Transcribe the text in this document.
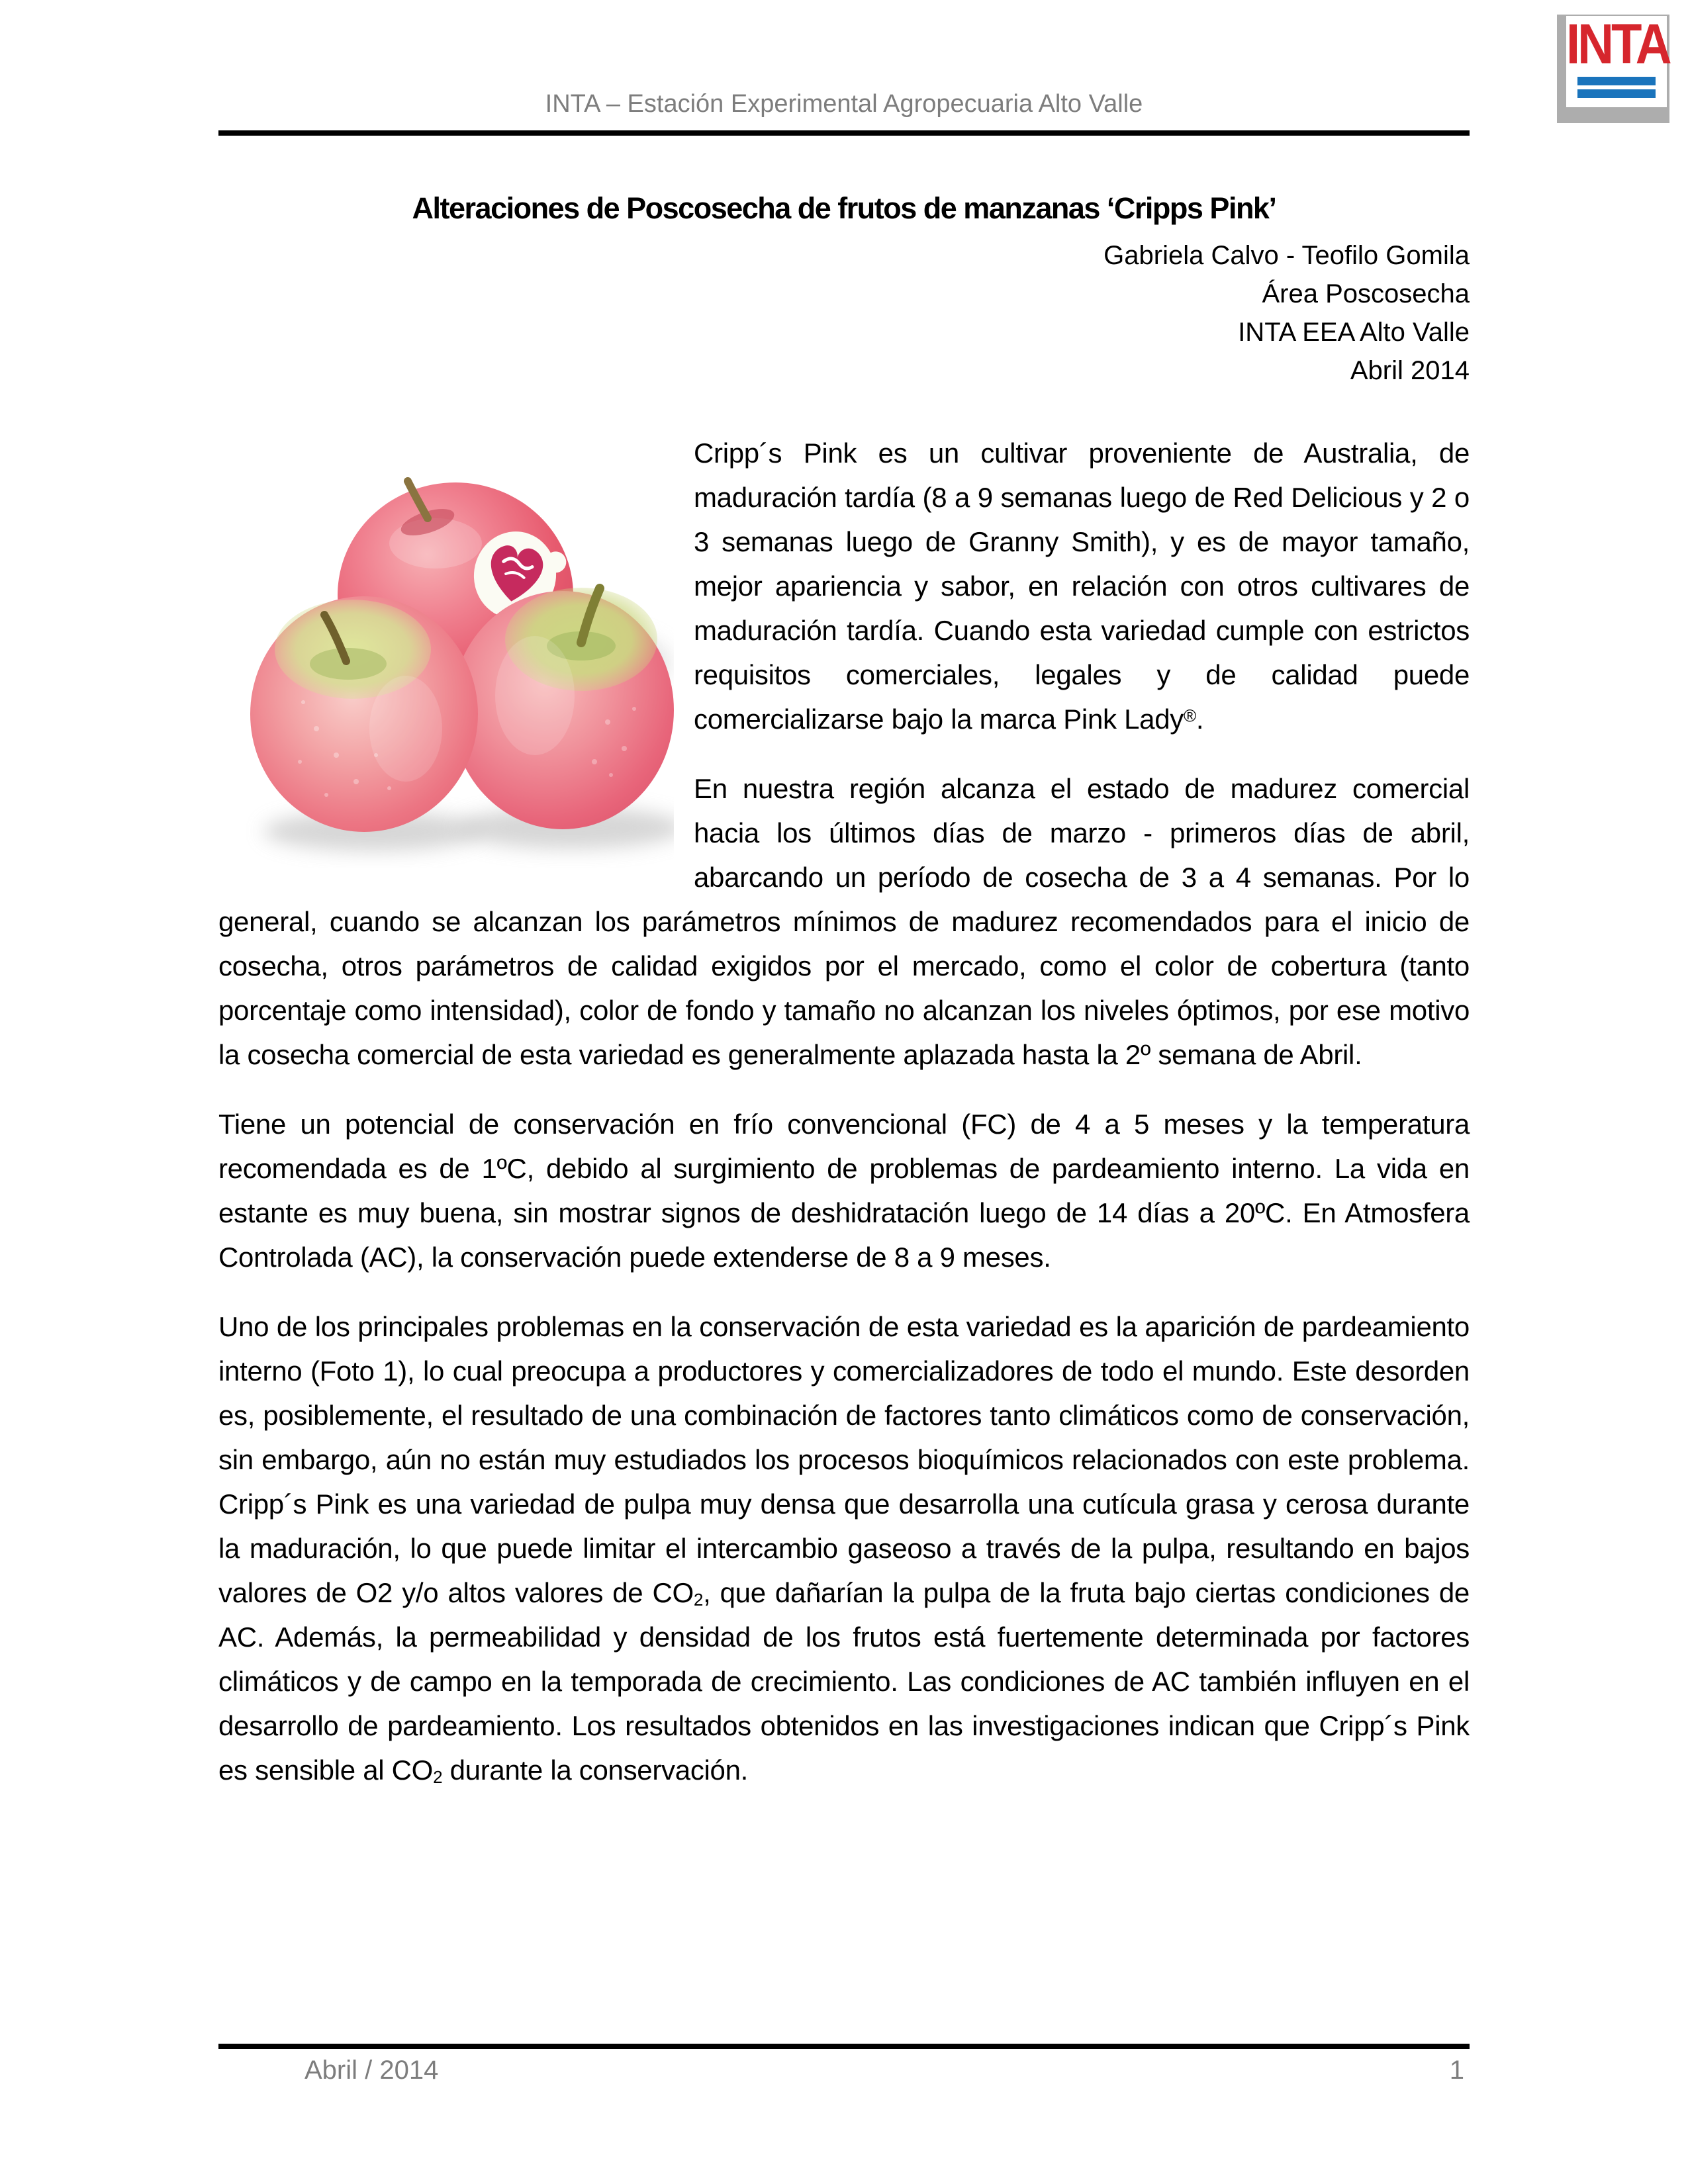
INTA – Estación Experimental Agropecuaria Alto Valle
INTA
Alteraciones de Poscosecha de frutos de manzanas ‘Cripps Pink’
Gabriela Calvo - Teofilo Gomila
Área Poscosecha
INTA EEA Alto Valle
Abril 2014

Cripp´s Pink es un cultivar proveniente de Australia, de maduración tardía (8 a 9 semanas luego de Red Delicious y 2 o 3 semanas luego de Granny Smith), y es de mayor tamaño, mejor apariencia y sabor, en relación con otros cultivares de maduración tardía. Cuando esta variedad cumple con estrictos requisitos comerciales, legales y de calidad puede comercializarse bajo la marca Pink Lady®.

En nuestra región alcanza el estado de madurez comercial hacia los últimos días de marzo - primeros días de abril, abarcando un período de cosecha de 3 a 4 semanas. Por lo general, cuando se alcanzan los parámetros mínimos de madurez recomendados para el inicio de cosecha, otros parámetros de calidad exigidos por el mercado, como el color de cobertura (tanto porcentaje como intensidad), color de fondo y tamaño no alcanzan los niveles óptimos, por ese motivo la cosecha comercial de esta variedad es generalmente aplazada hasta la 2º semana de Abril.

Tiene un potencial de conservación en frío convencional (FC) de 4 a 5 meses y la temperatura recomendada es de 1ºC, debido al surgimiento de problemas de pardeamiento interno. La vida en estante es muy buena, sin mostrar signos de deshidratación luego de 14 días a 20ºC. En Atmosfera Controlada (AC), la conservación puede extenderse de 8 a 9 meses.

Uno de los principales problemas en la conservación de esta variedad es la aparición de pardeamiento interno (Foto 1), lo cual preocupa a productores y comercializadores de todo el mundo. Este desorden es, posiblemente, el resultado de una combinación de factores tanto climáticos como de conservación, sin embargo, aún no están muy estudiados los procesos bioquímicos relacionados con este problema. Cripp´s Pink es una variedad de pulpa muy densa que desarrolla una cutícula grasa y cerosa durante la maduración, lo que puede limitar el intercambio gaseoso a través de la pulpa, resultando en bajos valores de O2 y/o altos valores de $CO_2$, que dañarían la pulpa de la fruta bajo ciertas condiciones de AC. Además, la permeabilidad y densidad de los frutos está fuertemente determinada por factores climáticos y de campo en la temporada de crecimiento. Las condiciones de AC también influyen en el desarrollo de pardeamiento. Los resultados obtenidos en las investigaciones indican que Cripp´s Pink es sensible al $CO_2$ durante la conservación.

Abril / 2014	1
